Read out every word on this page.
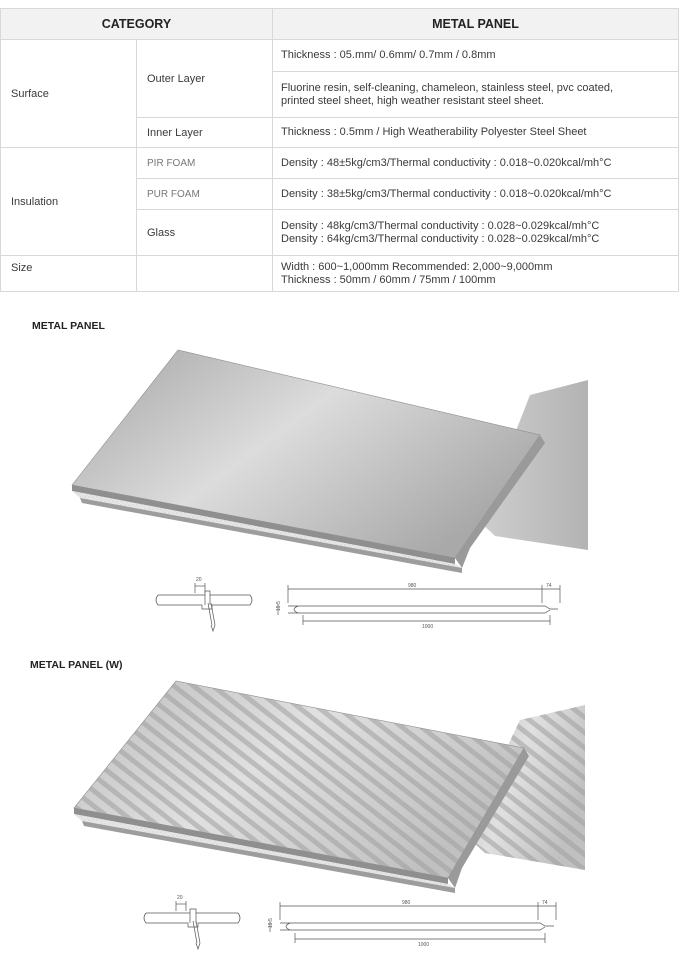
CATEGORY		METAL PANEL
Surface	Outer Layer	Thickness : 05.mm/ 0.6mm/ 0.7mm / 0.8mm
		Fluorine resin, self-cleaning, chameleon, stainless steel, pvc coated,
printed steel sheet, high weather resistant steel sheet.
	Inner Layer	Thickness : 0.5mm / High Weatherability Polyester Steel Sheet
Insulation	PIR FOAM	Density : 48±5kg/cm3/Thermal conductivity : 0.018~0.020kcal/mh°C
	PUR FOAM	Density : 38±5kg/cm3/Thermal conductivity : 0.018~0.020kcal/mh°C
	Glass	Density : 48kg/cm3/Thermal conductivity : 0.028~0.029kcal/mh°C
Density : 64kg/cm3/Thermal conductivity : 0.028~0.029kcal/mh°C
Size		Width : 600~1,000mm Recommended: 2,000~9,000mm
Thickness : 50mm / 60mm / 75mm / 100mm
METAL PANEL
20
980	74
1000
19.5
METAL PANEL (W)
20
980	74
1000
19.5
